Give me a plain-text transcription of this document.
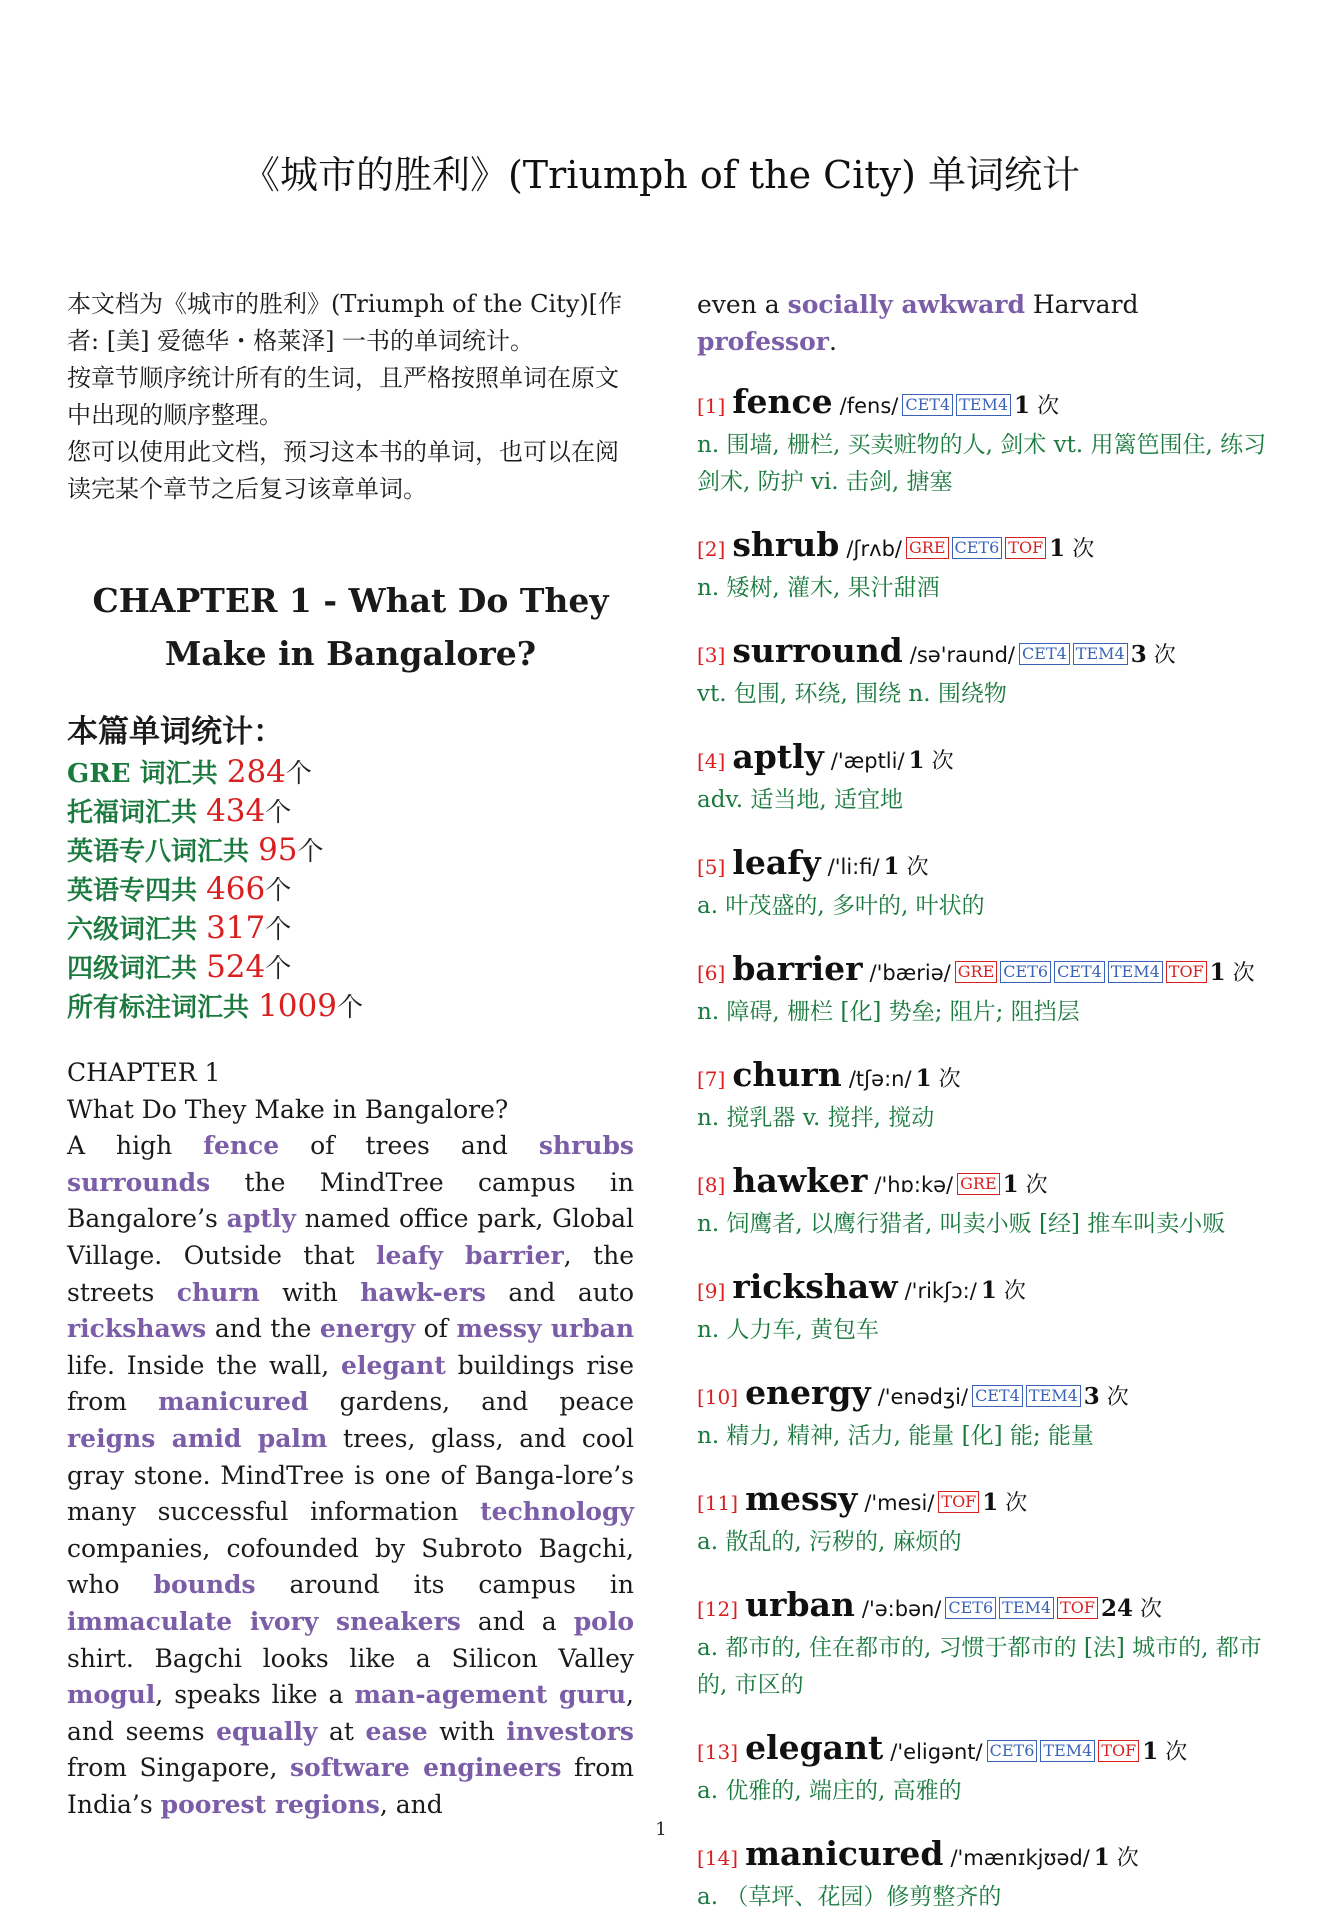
《城市的胜利》(Triumph of the City) 单词统计

本文档为《城市的胜利》(Triumph of the City)[作者: [美] 爱德华・格莱泽] 一书的单词统计。

按章节顺序统计所有的生词，且严格按照单词在原文中出现的顺序整理。

您可以使用此文档，预习这本书的单词，也可以在阅读完某个章节之后复习该章单词。

CHAPTER 1 - What Do They

Make in Bangalore?

本篇单词统计：

GRE 词汇共 284个

托福词汇共 434个

英语专八词汇共 95个

英语专四共 466个

六级词汇共 317个

四级词汇共 524个

所有标注词汇共 1009个

CHAPTER 1

What Do They Make in Bangalore?

A high fence of trees and shrubs surrounds the MindTree campus in Bangalore’s aptly named office park, Global Village. Outside that leafy barrier, the streets churn with hawk-ers and auto rickshaws and the energy of messy urban life. Inside the wall, elegant buildings rise from manicured gardens, and peace reigns amid palm trees, glass, and cool gray stone. MindTree is one of Banga-lore’s many successful information technology companies, cofounded by Subroto Bagchi, who bounds around its campus in immaculate ivory sneakers and a polo shirt. Bagchi looks like a Silicon Valley mogul, speaks like a man-agement guru, and seems equally at ease with investors from Singapore, software engineers from India’s poorest regions, and

even a socially awkward Harvard professor.

[1] fence /fens/ CET4 TEM4 1 次

n. 围墙, 栅栏, 买卖赃物的人, 剑术 vt. 用篱笆围住, 练习剑术, 防护 vi. 击剑, 搪塞

[2] shrub /ʃrʌb/ GRE CET6 TOF 1 次

n. 矮树, 灌木, 果汁甜酒

[3] surround /sə'raund/ CET4 TEM4 3 次

vt. 包围, 环绕, 围绕 n. 围绕物

[4] aptly /'æptli/ 1 次

adv. 适当地, 适宜地

[5] leafy /'li:fi/ 1 次

a. 叶茂盛的, 多叶的, 叶状的

[6] barrier /'bæriə/ GRE CET6 CET4 TEM4 TOF 1 次

n. 障碍, 栅栏 [化] 势垒; 阻片; 阻挡层

[7] churn /tʃə:n/ 1 次

n. 搅乳器 v. 搅拌, 搅动

[8] hawker /'hɒ:kə/ GRE 1 次

n. 饲鹰者, 以鹰行猎者, 叫卖小贩 [经] 推车叫卖小贩

[9] rickshaw /'rikʃɔ:/ 1 次

n. 人力车, 黄包车

[10] energy /'enədʒi/ CET4 TEM4 3 次

n. 精力, 精神, 活力, 能量 [化] 能; 能量

[11] messy /'mesi/ TOF 1 次

a. 散乱的, 污秽的, 麻烦的

[12] urban /'ə:bən/ CET6 TEM4 TOF 24 次

a. 都市的, 住在都市的, 习惯于都市的 [法] 城市的, 都市的, 市区的

[13] elegant /'eligənt/ CET6 TEM4 TOF 1 次

a. 优雅的, 端庄的, 高雅的

[14] manicured /'mænɪkjʊəd/ 1 次

a. （草坪、花园）修剪整齐的

1
